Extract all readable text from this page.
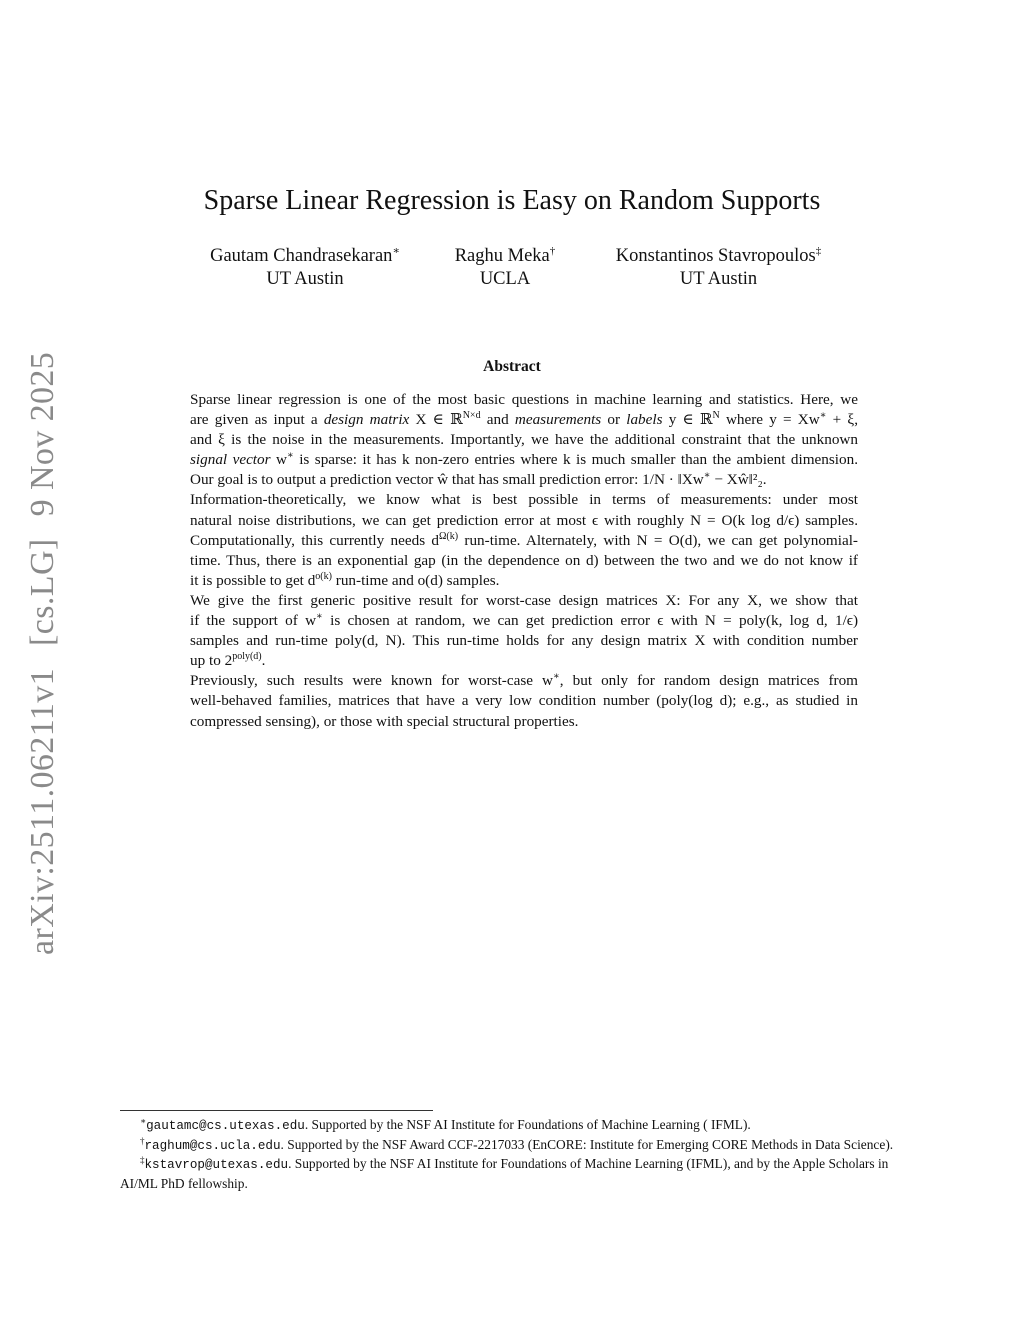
arXiv:2511.06211v1[cs.LG]9 Nov 2025
Sparse Linear Regression is Easy on Random Supports
Gautam Chandrasekaran∗
UT Austin
Raghu Meka†
UCLA
Konstantinos Stavropoulos‡
UT Austin
Abstract

Sparse linear regression is one of the most basic questions in machine learning and statistics. Here, we
are given as input a design matrix X ∈ ℝ$^{N\times d}$ and measurements or labels y ∈ ℝ$^N$ where y = Xw∗ + ξ,
and ξ is the noise in the measurements. Importantly, we have the additional constraint that the unknown
signal vector w∗ is sparse: it has k non-zero entries where k is much smaller than the ambient dimension.
Our goal is to output a prediction vector ŵ that has small prediction error: 1/N · ‖Xw∗ − Xŵ‖²₂.

Information-theoretically, we know what is best possible in terms of measurements: under most
natural noise distributions, we can get prediction error at most ϵ with roughly N = O(k log d/ϵ) samples.
Computationally, this currently needs $d^{\Omega(k)}$ run-time. Alternately, with N = O(d), we can get polynomial-
time. Thus, there is an exponential gap (in the dependence on d) between the two and we do not know if
it is possible to get $d^{o(k)}$ run-time and o(d) samples.

We give the first generic positive result for worst-case design matrices X: For any X, we show that
if the support of w∗ is chosen at random, we can get prediction error ϵ with N = poly(k, log d, 1/ϵ)
samples and run-time poly(d, N). This run-time holds for any design matrix X with condition number
up to $2^{poly(d)}$.

Previously, such results were known for worst-case w∗, but only for random design matrices from
well-behaved families, matrices that have a very low condition number (poly(log d); e.g., as studied in
compressed sensing), or those with special structural properties.

∗gautamc@cs.utexas.edu. Supported by the NSF AI Institute for Foundations of Machine Learning ( IFML).

†raghum@cs.ucla.edu. Supported by the NSF Award CCF-2217033 (EnCORE: Institute for Emerging CORE Methods in Data Science).

‡kstavrop@utexas.edu. Supported by the NSF AI Institute for Foundations of Machine Learning (IFML), and by the Apple Scholars in AI/ML PhD fellowship.
